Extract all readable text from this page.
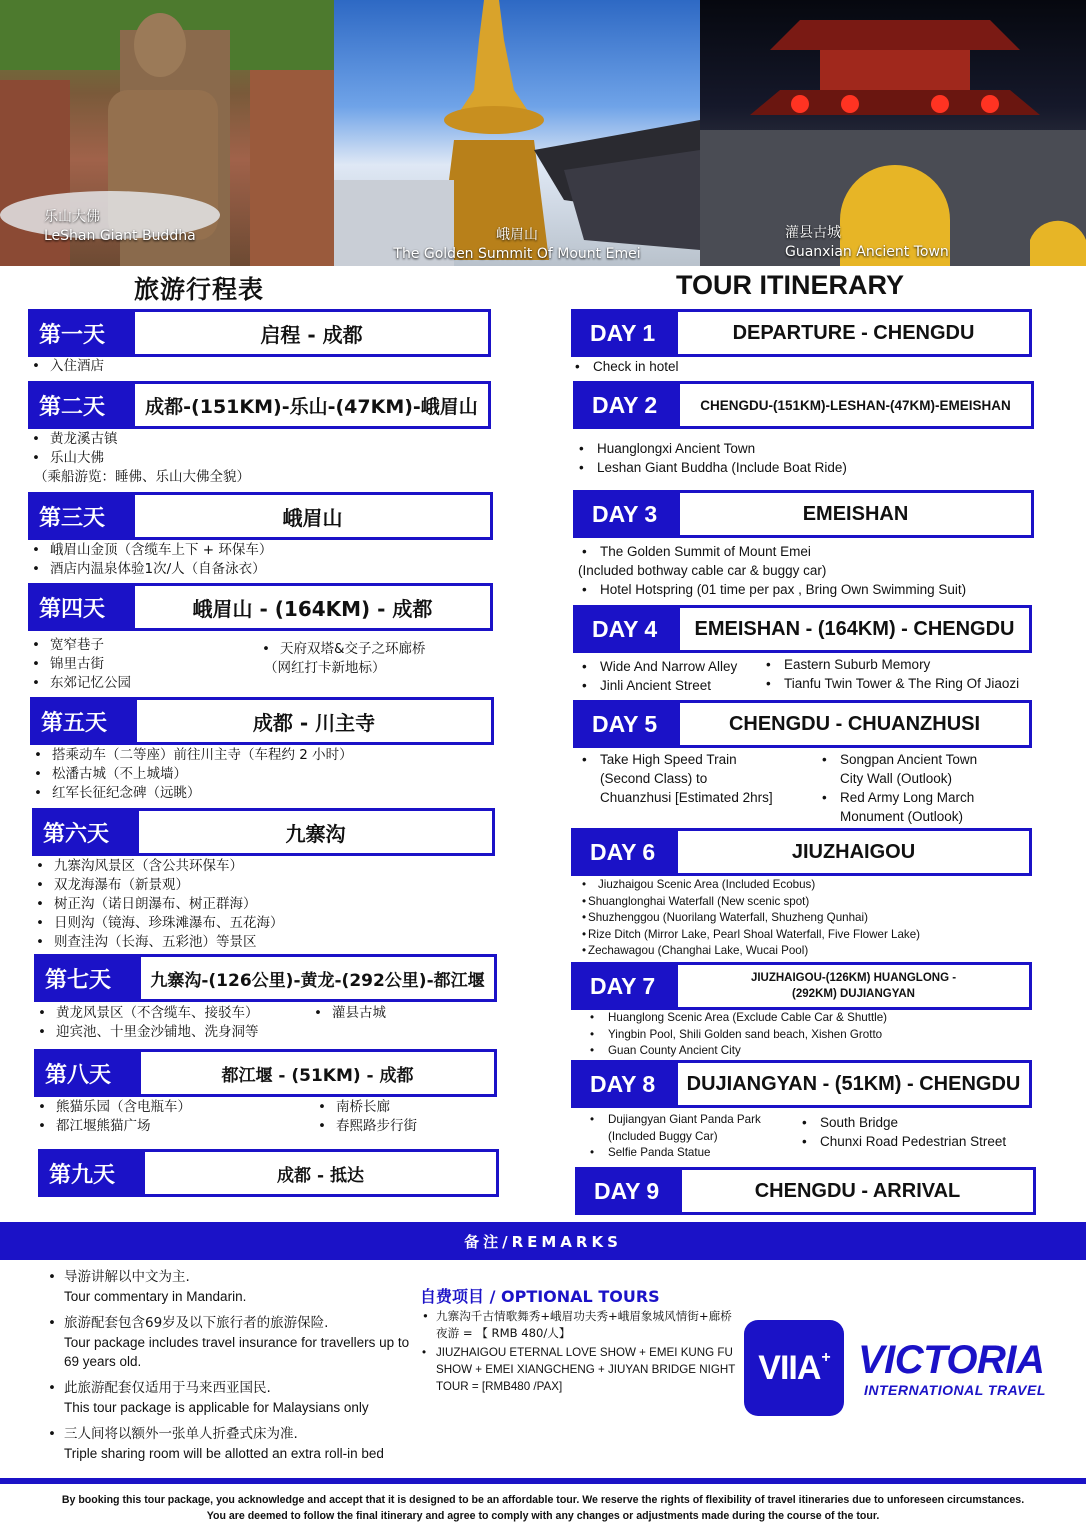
乐山大佛
LeShan Giant Buddha	峨眉山
The Golden Summit Of Mount Emei
灌县古城
Guanxian Ancient Town
旅游行程表	TOUR ITINERARY
第一天	启程 - 成都
• 入住酒店
第二天	成都-(151KM)-乐山-(47KM)-峨眉山
• 黄龙溪古镇
• 乐山大佛
（乘船游览：睡佛、乐山大佛全貌）
第三天	峨眉山
• 峨眉山金顶（含缆车上下 + 环保车）
• 酒店内温泉体验1次/人（自备泳衣）
第四天	峨眉山 - (164KM) - 成都
• 宽窄巷子
• 锦里古街
• 东郊记忆公园
• 天府双塔&交子之环廊桥
（网红打卡新地标）
第五天	成都 - 川主寺
• 搭乘动车（二等座）前往川主寺（车程约 2 小时）
• 松潘古城（不上城墙）
• 红军长征纪念碑（远眺）
第六天	九寨沟
• 九寨沟风景区（含公共环保车）
• 双龙海瀑布（新景观）
• 树正沟（诺日朗瀑布、树正群海）
• 日则沟（镜海、珍珠滩瀑布、五花海）
• 则查洼沟（长海、五彩池）等景区
第七天	九寨沟-(126公里)-黄龙-(292公里)-都江堰
• 黄龙风景区（不含缆车、接驳车）
• 迎宾池、十里金沙铺地、洗身洞等
• 灌县古城
第八天	都江堰 - (51KM) - 成都
• 熊猫乐园（含电瓶车）
• 都江堰熊猫广场
• 南桥长廊
• 春熙路步行街
第九天	成都 - 抵达
DAY 1	DEPARTURE - CHENGDU
• Check in hotel
DAY 2	CHENGDU-(151KM)-LESHAN-(47KM)-EMEISHAN
• Huanglongxi Ancient Town
• Leshan Giant Buddha (Include Boat Ride)
DAY 3	EMEISHAN
• The Golden Summit of Mount Emei
(Included bothway cable car & buggy car)
• Hotel Hotspring (01 time per pax , Bring Own Swimming Suit)
DAY 4	EMEISHAN - (164KM) - CHENGDU
• Wide And Narrow Alley
• Jinli Ancient Street
• Eastern Suburb Memory
• Tianfu Twin Tower & The Ring Of Jiaozi
DAY 5	CHENGDU - CHUANZHUSI
• Take High Speed Train
(Second Class) to
Chuanzhusi [Estimated 2hrs]
• Songpan Ancient Town
City Wall (Outlook)
• Red Army Long March
Monument (Outlook)
DAY 6	JIUZHAIGOU
• Jiuzhaigou Scenic Area (Included Ecobus)
• Shuanglonghai Waterfall (New scenic spot)
• Shuzhenggou (Nuorilang Waterfall, Shuzheng Qunhai)
• Rize Ditch (Mirror Lake, Pearl Shoal Waterfall, Five Flower Lake)
• Zechawagou (Changhai Lake, Wucai Pool)
DAY 7	JIUZHAIGOU-(126KM) HUANGLONG -
(292KM) DUJIANGYAN
• Huanglong Scenic Area (Exclude Cable Car & Shuttle)
• Yingbin Pool, Shili Golden sand beach, Xishen Grotto
• Guan County Ancient City
DAY 8	DUJIANGYAN - (51KM) - CHENGDU
• Dujiangyan Giant Panda Park
(Included Buggy Car)
• Selfie Panda Statue
• South Bridge
• Chunxi Road Pedestrian Street
DAY 9	CHENGDU - ARRIVAL
备注/REMARKS
• 导游讲解以中文为主.
Tour commentary in Mandarin.
• 旅游配套包含69岁及以下旅行者的旅游保险.
Tour package includes travel insurance for travellers up to 69 years old.
• 此旅游配套仅适用于马来西亚国民.
This tour package is applicable for Malaysians only
• 三人间将以额外一张单人折叠式床为准.
Triple sharing room will be allotted an extra roll-in bed
自费项目 / OPTIONAL TOURS
• 九寨沟千古情歌舞秀+峨眉功夫秀+峨眉象城风情街+廊桥夜游 = 【 RMB 480/人】
• JIUZHAIGOU ETERNAL LOVE SHOW + EMEI KUNG FU SHOW + EMEI XIANGCHENG + JIUYAN BRIDGE NIGHT TOUR = [RMB480 /PAX]	VIIA+ VICTORIA
INTERNATIONAL TRAVEL
By booking this tour package, you acknowledge and accept that it is designed to be an affordable tour. We reserve the rights of flexibility of travel itineraries due to unforeseen circumstances.
You are deemed to follow the final itinerary and agree to comply with any changes or adjustments made during the course of the tour.
